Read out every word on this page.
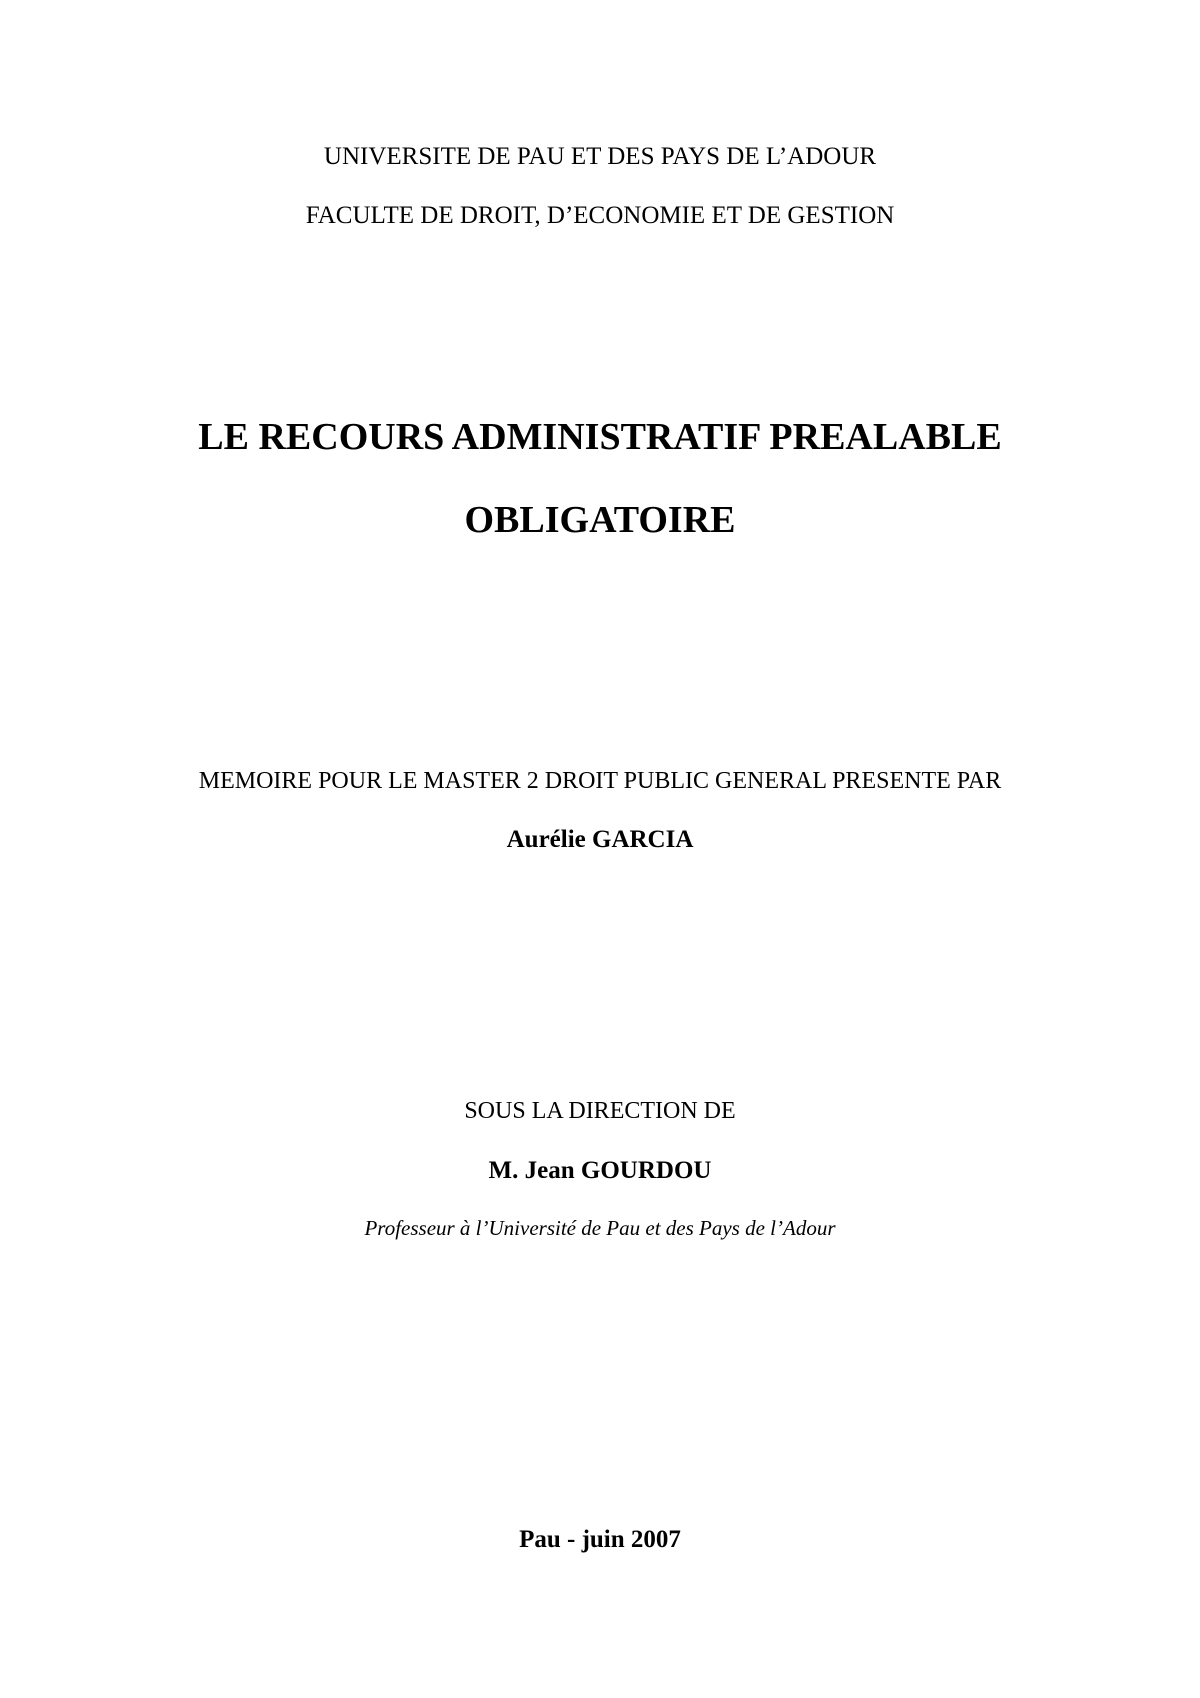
UNIVERSITE DE PAU ET DES PAYS DE L’ADOUR

FACULTE DE DROIT, D’ECONOMIE ET DE GESTION

LE RECOURS ADMINISTRATIF PREALABLE
OBLIGATOIRE

MEMOIRE POUR LE MASTER 2 DROIT PUBLIC GENERAL PRESENTE PAR

Aurélie GARCIA

SOUS LA DIRECTION DE

M. Jean GOURDOU

Professeur à l’Université de Pau et des Pays de l’Adour

Pau - juin 2007
